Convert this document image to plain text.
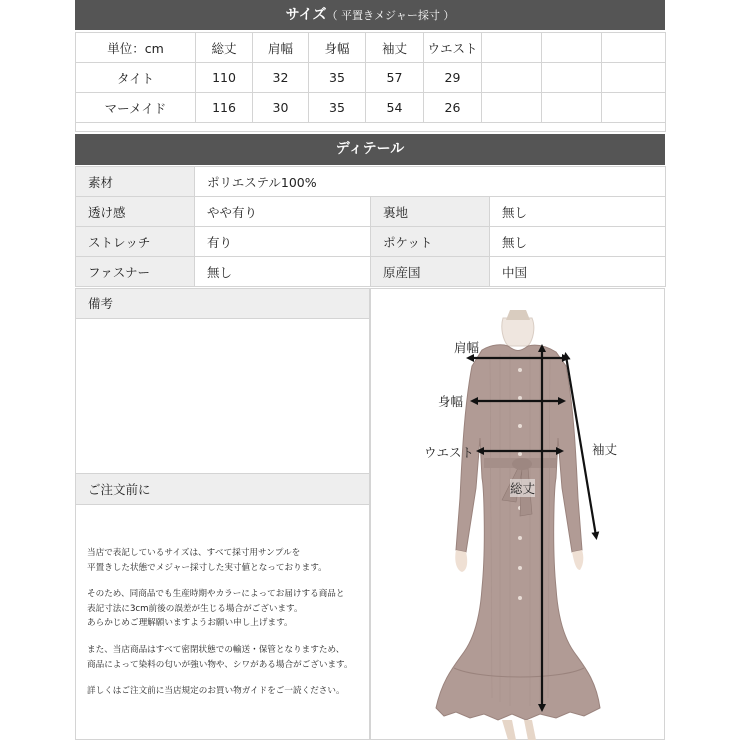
サイズ（ 平置きメジャー採寸 ）
単位：cm	総丈	肩幅	身幅	袖丈	ウエスト			
タイト	110	32	35	57	29			
マーメイド	116	30	35	54	26			

ディテール
素材	ポリエステル100%		
透け感	やや有り	裏地	無し
ストレッチ	有り	ポケット	無し
ファスナー	無し	原産国	中国
備考
ご注文前に

当店で表記しているサイズは、すべて採寸用サンプルを
平置きした状態でメジャー採寸した実寸値となっております。

そのため、同商品でも生産時期やカラーによってお届けする商品と
表記寸法に3cm前後の誤差が生じる場合がございます。
あらかじめご理解願いますようお願い申し上げます。

また、当店商品はすべて密閉状態での輸送・保管となりますため、
商品によって染料の匂いが強い物や、シワがある場合がございます。

詳しくはご注文前に当店規定のお買い物ガイドをご一読ください。

肩幅
身幅
ウエスト
総丈
袖丈
